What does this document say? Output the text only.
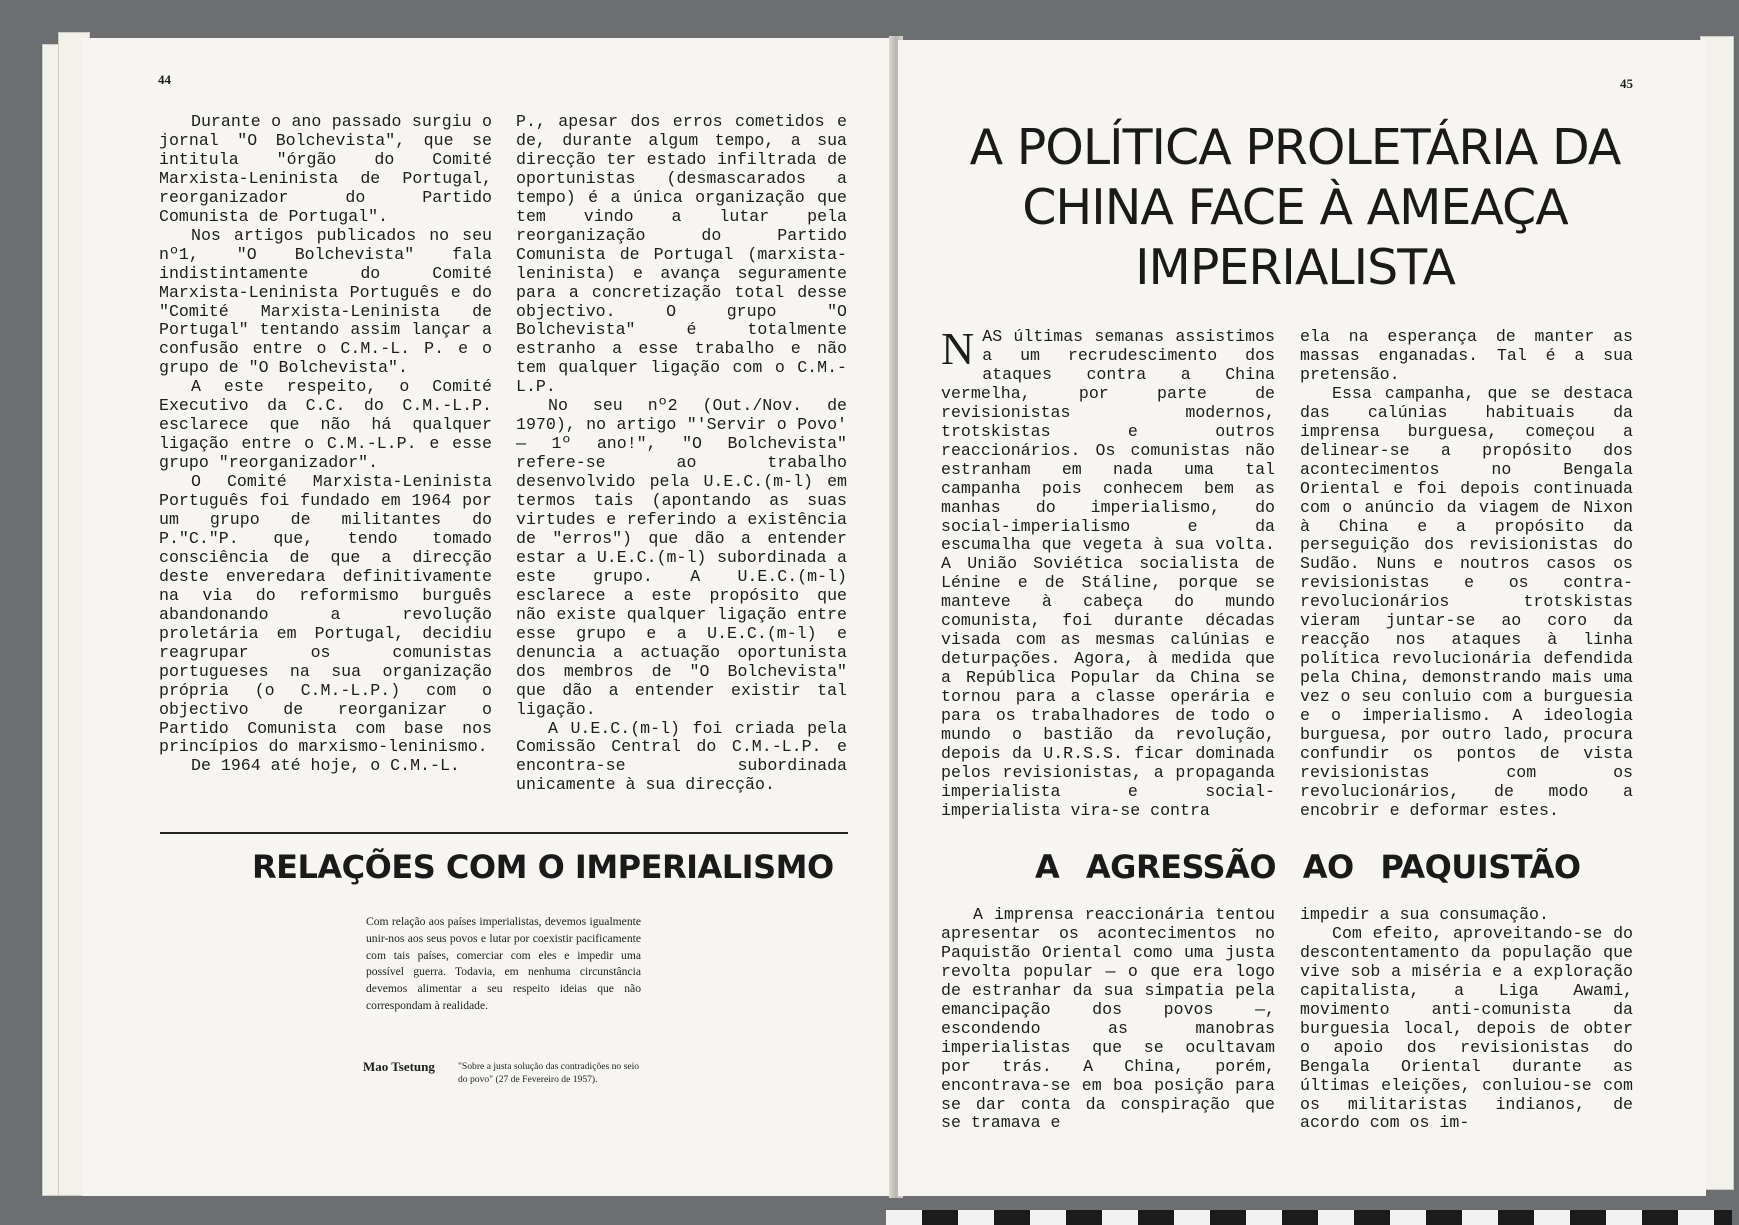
44

Durante o ano passado surgiu o jornal "O Bolchevista", que se intitula "órgão do Comité Marxista-Leninista de Portugal, reorganizador do Partido Comunista de Portugal".

Nos artigos publicados no seu nº1, "O Bolchevista" fala indistintamente do Comité Marxista-Leninista Português e do "Comité Marxista-Leninista de Portugal" tentando assim lançar a confusão entre o C.M.-L. P. e o grupo de "O Bolchevista".

A este respeito, o Comité Executivo da C.C. do C.M.-L.P. esclarece que não há qualquer ligação entre o C.M.-L.P. e esse grupo "reorganizador".

O Comité Marxista-Leninista Português foi fundado em 1964 por um grupo de militantes do P."C."P. que, tendo tomado consciência de que a direcção deste enveredara definitivamente na via do reformismo burguês abandonando a revolução proletária em Portugal, decidiu reagrupar os comunistas portugueses na sua organização própria (o C.M.-L.P.) com o objectivo de reorganizar o Partido Comunista com base nos princípios do marxismo-leninismo.

De 1964 até hoje, o C.M.-L.

P., apesar dos erros cometidos e de, durante algum tempo, a sua direcção ter estado infiltrada de oportunistas (desmascarados a tempo) é a única organização que tem vindo a lutar pela reorganização do Partido Comunista de Portugal (marxista-leninista) e avança seguramente para a concretização total desse objectivo. O grupo "O Bolchevista" é totalmente estranho a esse trabalho e não tem qualquer ligação com o C.M.-L.P.

No seu nº2 (Out./Nov. de 1970), no artigo "'Servir o Povo' — 1º ano!", "O Bolchevista" refere-se ao trabalho desenvolvido pela U.E.C.(m-l) em termos tais (apontando as suas virtudes e referindo a existência de "erros") que dão a entender estar a U.E.C.(m-l) subordinada a este grupo. A U.E.C.(m-l) esclarece a este propósito que não existe qualquer ligação entre esse grupo e a U.E.C.(m-l) e denuncia a actuação oportunista dos membros de "O Bolchevista" que dão a entender existir tal ligação.

A U.E.C.(m-l) foi criada pela Comissão Central do C.M.-L.P. e encontra-se subordinada unicamente à sua direcção.

RELAÇÕES COM O IMPERIALISMO
Com relação aos países imperialistas, devemos igualmente unir-nos aos seus povos e lutar por coexistir pacificamente com tais países, comerciar com eles e impedir uma possível guerra. Todavia, em nenhuma circunstância devemos alimentar a seu respeito ideias que não correspondam à realidade.
Mao Tsetung "Sobre a justa solução das contradições no seio do povo" (27 de Fevereiro de 1957).
45
A POLÍTICA PROLETÁRIA DA
CHINA FACE À AMEAÇA
IMPERIALISTA

NAS últimas semanas assistimos a um recrudescimento dos ataques contra a China vermelha, por parte de revisionistas modernos, trotskistas e outros reaccionários. Os comunistas não estranham em nada uma tal campanha pois conhecem bem as manhas do imperialismo, do social-imperialismo e da escumalha que vegeta à sua volta. A União Soviética socialista de Lénine e de Stáline, porque se manteve à cabeça do mundo comunista, foi durante décadas visada com as mesmas calúnias e deturpações. Agora, à medida que a República Popular da China se tornou para a classe operária e para os trabalhadores de todo o mundo o bastião da revolução, depois da U.R.S.S. ficar dominada pelos revisionistas, a propaganda imperialista e social-imperialista vira-se contra

ela na esperança de manter as massas enganadas. Tal é a sua pretensão.

Essa campanha, que se destaca das calúnias habituais da imprensa burguesa, começou a delinear-se a propósito dos acontecimentos no Bengala Oriental e foi depois continuada com o anúncio da viagem de Nixon à China e a propósito da perseguição dos revisionistas do Sudão. Nuns e noutros casos os revisionistas e os contra-revolucionários trotskistas vieram juntar-se ao coro da reacção nos ataques à linha política revolucionária defendida pela China, demonstrando mais uma vez o seu conluio com a burguesia e o imperialismo. A ideologia burguesa, por outro lado, procura confundir os pontos de vista revisionistas com os revolucionários, de modo a encobrir e deformar estes.

A AGRESSÃO AO PAQUISTÃO

A imprensa reaccionária tentou apresentar os acontecimentos no Paquistão Oriental como uma justa revolta popular — o que era logo de estranhar da sua simpatia pela emancipação dos povos —, escondendo as manobras imperialistas que se ocultavam por trás. A China, porém, encontrava-se em boa posição para se dar conta da conspiração que se tramava e

impedir a sua consumação.

Com efeito, aproveitando-se do descontentamento da população que vive sob a miséria e a exploração capitalista, a Liga Awami, movimento anti-comunista da burguesia local, depois de obter o apoio dos revisionistas do Bengala Oriental durante as últimas eleições, conluiou-se com os militaristas indianos, de acordo com os im-
